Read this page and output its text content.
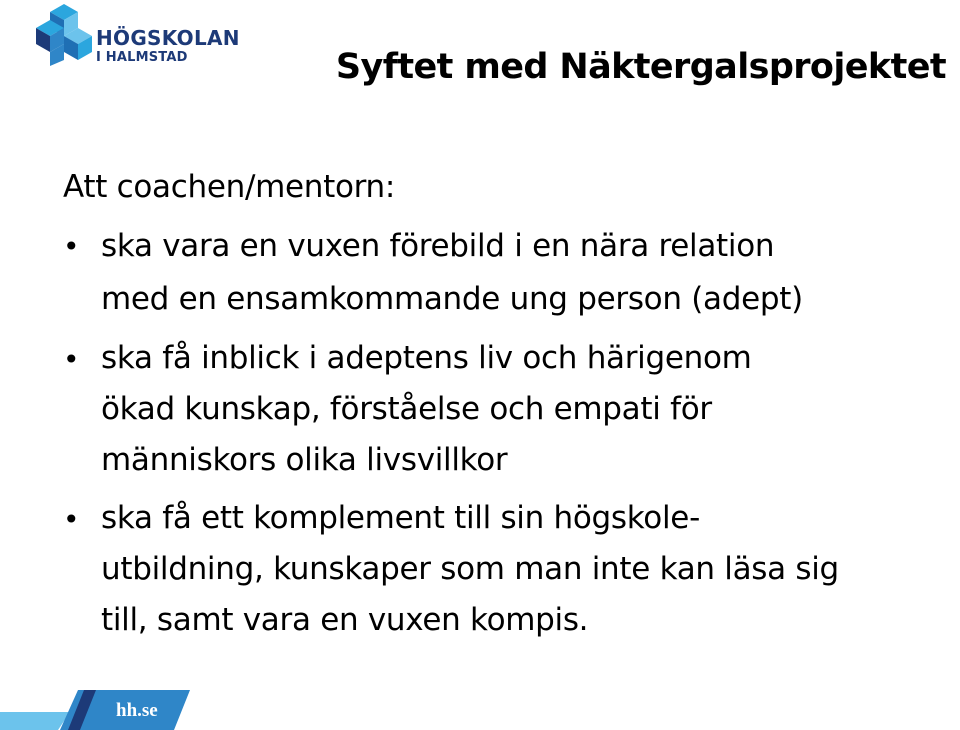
HÖGSKOLAN
I HALMSTAD	Syftet med Näktergalsprojektet

Att coachen/mentorn:

• ska vara en vuxen förebild i en nära relation
med en ensamkommande ung person (adept)
• ska få inblick i adeptens liv och härigenom
ökad kunskap, förståelse och empati för
människors olika livsvillkor
• ska få ett komplement till sin högskole-
utbildning, kunskaper som man inte kan läsa sig
till, samt vara en vuxen kompis.
hh.se
